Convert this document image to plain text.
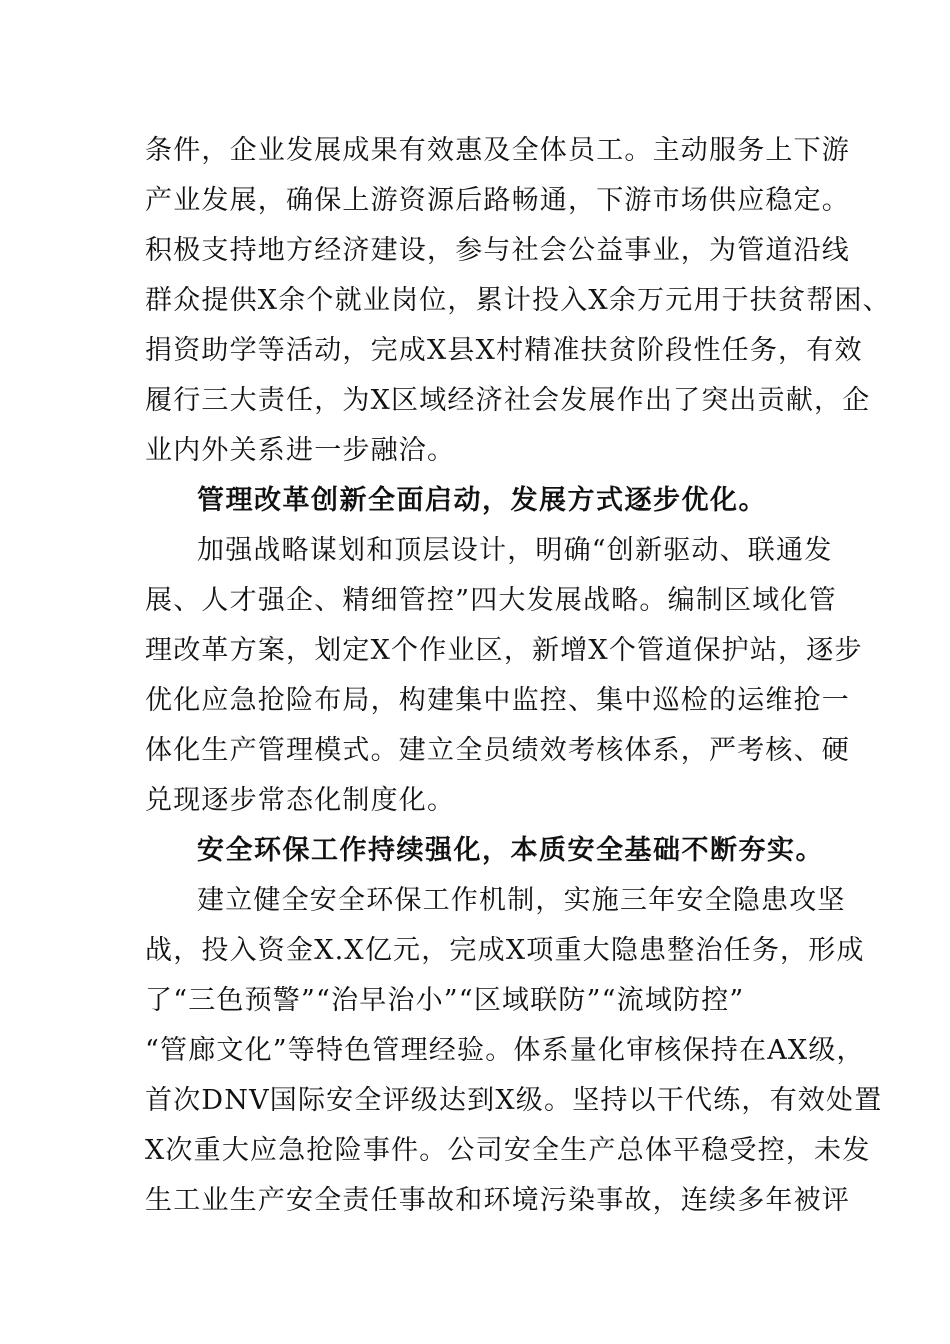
条件，企业发展成果有效惠及全体员工。主动服务上下游
产业发展，确保上游资源后路畅通，下游市场供应稳定。
积极支持地方经济建设，参与社会公益事业，为管道沿线
群众提供X余个就业岗位，累计投入X余万元用于扶贫帮困、
捐资助学等活动，完成X县X村精准扶贫阶段性任务，有效
履行三大责任，为X区域经济社会发展作出了突出贡献，企
业内外关系进一步融洽。
管理改革创新全面启动，发展方式逐步优化。
加强战略谋划和顶层设计，明确“创新驱动、联通发
展、人才强企、精细管控”四大发展战略。编制区域化管
理改革方案，划定X个作业区，新增X个管道保护站，逐步
优化应急抢险布局，构建集中监控、集中巡检的运维抢一
体化生产管理模式。建立全员绩效考核体系，严考核、硬
兑现逐步常态化制度化。
安全环保工作持续强化，本质安全基础不断夯实。
建立健全安全环保工作机制，实施三年安全隐患攻坚
战，投入资金X.X亿元，完成X项重大隐患整治任务，形成
了“三色预警”“治早治小”“区域联防”“流域防控”
“管廊文化”等特色管理经验。体系量化审核保持在AX级，
首次DNV国际安全评级达到X级。坚持以干代练，有效处置
X次重大应急抢险事件。公司安全生产总体平稳受控，未发
生工业生产安全责任事故和环境污染事故，连续多年被评
